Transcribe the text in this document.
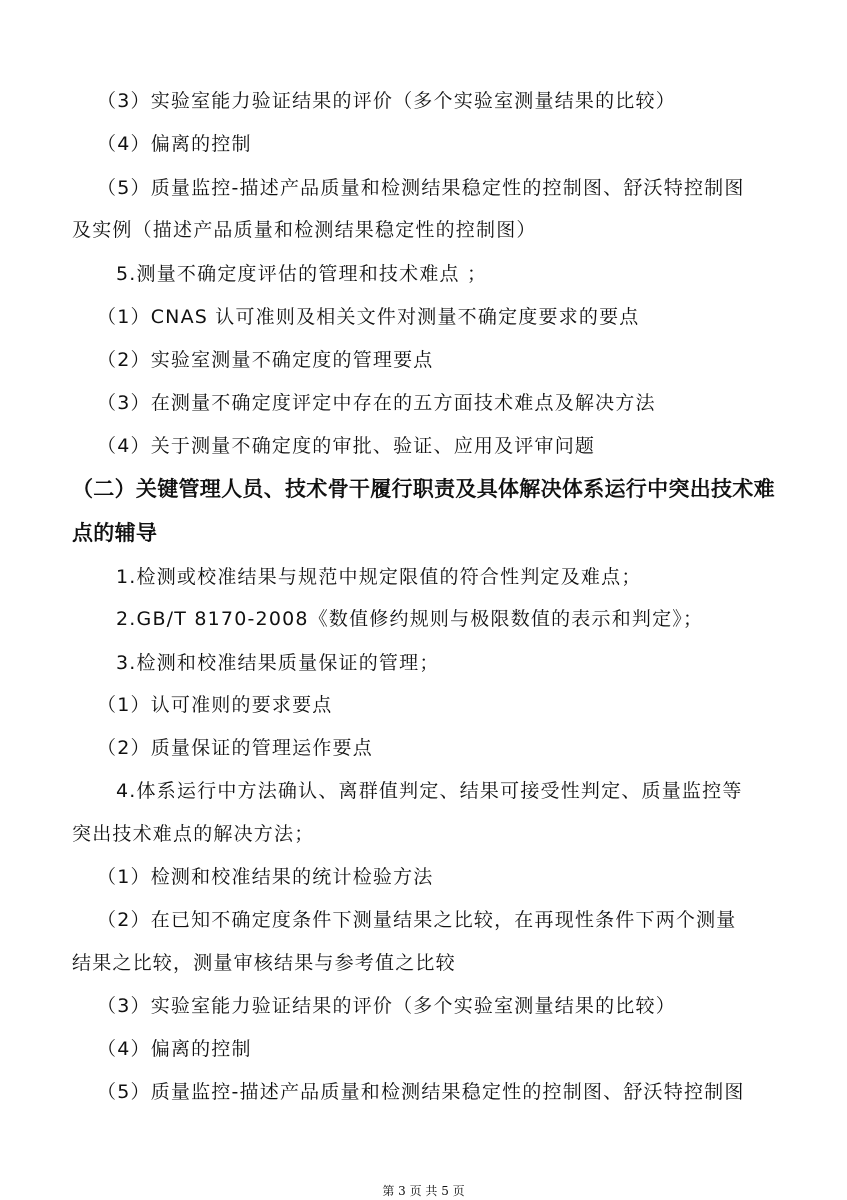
（3）实验室能力验证结果的评价（多个实验室测量结果的比较）
（4）偏离的控制
（5）质量监控-描述产品质量和检测结果稳定性的控制图、舒沃特控制图
及实例（描述产品质量和检测结果稳定性的控制图）
5.测量不确定度评估的管理和技术难点 ；
（1）CNAS 认可准则及相关文件对测量不确定度要求的要点
（2）实验室测量不确定度的管理要点
（3）在测量不确定度评定中存在的五方面技术难点及解决方法
（4）关于测量不确定度的审批、验证、应用及评审问题
（二）关键管理人员、技术骨干履行职责及具体解决体系运行中突出技术难
点的辅导
1.检测或校准结果与规范中规定限值的符合性判定及难点；
2.GB/T 8170-2008《数值修约规则与极限数值的表示和判定》；
3.检测和校准结果质量保证的管理；
（1）认可准则的要求要点
（2）质量保证的管理运作要点
4.体系运行中方法确认、离群值判定、结果可接受性判定、质量监控等
突出技术难点的解决方法；
（1）检测和校准结果的统计检验方法
（2）在已知不确定度条件下测量结果之比较，在再现性条件下两个测量
结果之比较，测量审核结果与参考值之比较
（3）实验室能力验证结果的评价（多个实验室测量结果的比较）
（4）偏离的控制
（5）质量监控-描述产品质量和检测结果稳定性的控制图、舒沃特控制图
第 3 页 共 5 页
